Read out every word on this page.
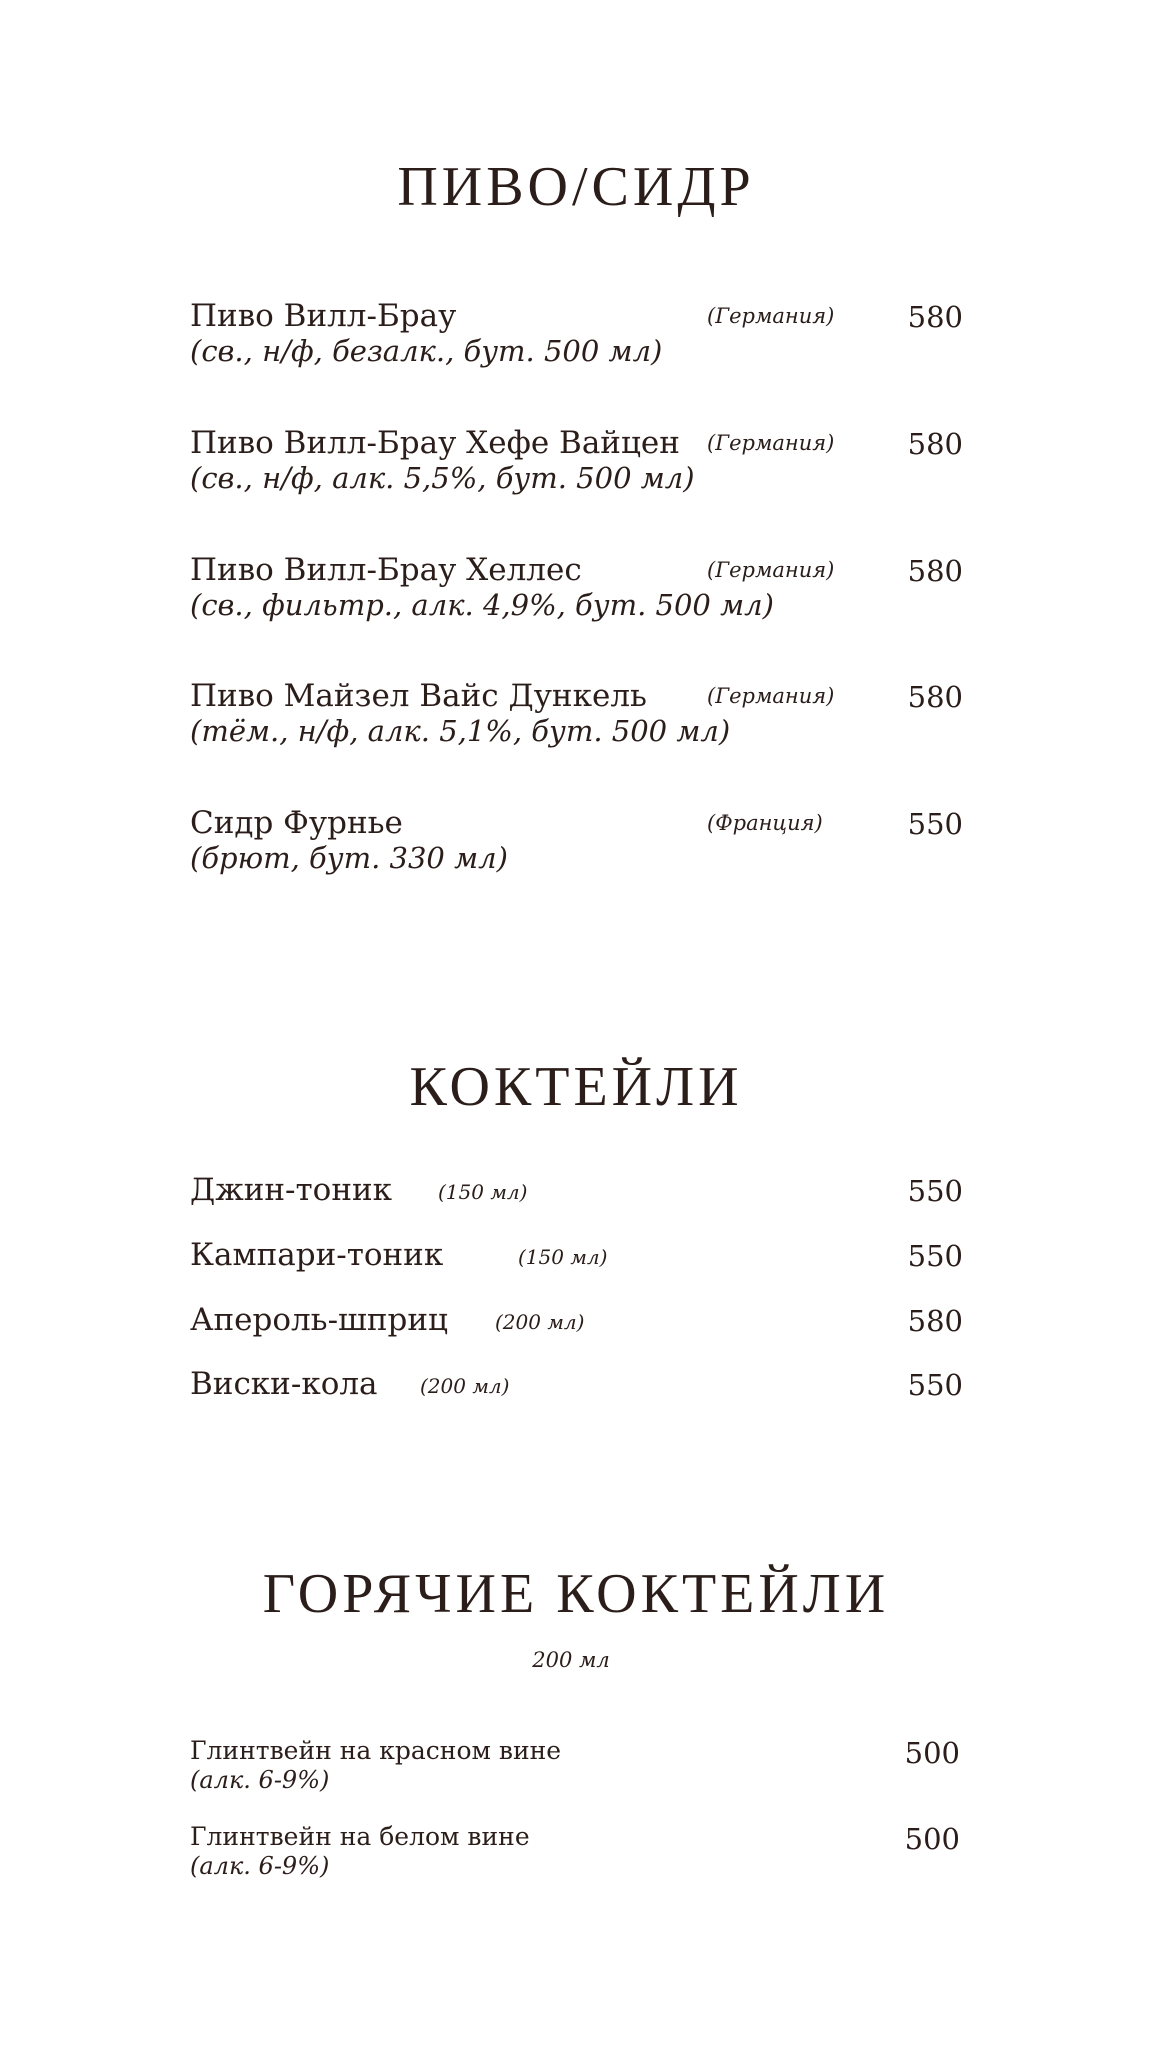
ПИВО/СИДР
Пиво Вилл-Брау	(Германия)	580
(св., н/ф, безалк., бут. 500 мл)
Пиво Вилл-Брау Хефе Вайцен (Германия)	580
(св., н/ф, алк. 5,5%, бут. 500 мл)
Пиво Вилл-Брау Хеллес	(Германия)	580
(св., фильтр., алк. 4,9%, бут. 500 мл)
Пиво Майзел Вайс Дункель	(Германия)	580
(тём., н/ф, алк. 5,1%, бут. 500 мл)
Сидр Фурнье	(Франция)	550
(брют, бут. 330 мл)
КОКТЕЙЛИ
Джин-тоник (150 мл)	550
Кампари-тоник	(150 мл)	550
Апероль-шприц (200 мл)	580
Виски-кола (200 мл)	550
ГОРЯЧИЕ КОКТЕЙЛИ
200 мл
Глинтвейн на красном вине	500
(алк. 6-9%)
Глинтвейн на белом вине	500
(алк. 6-9%)
